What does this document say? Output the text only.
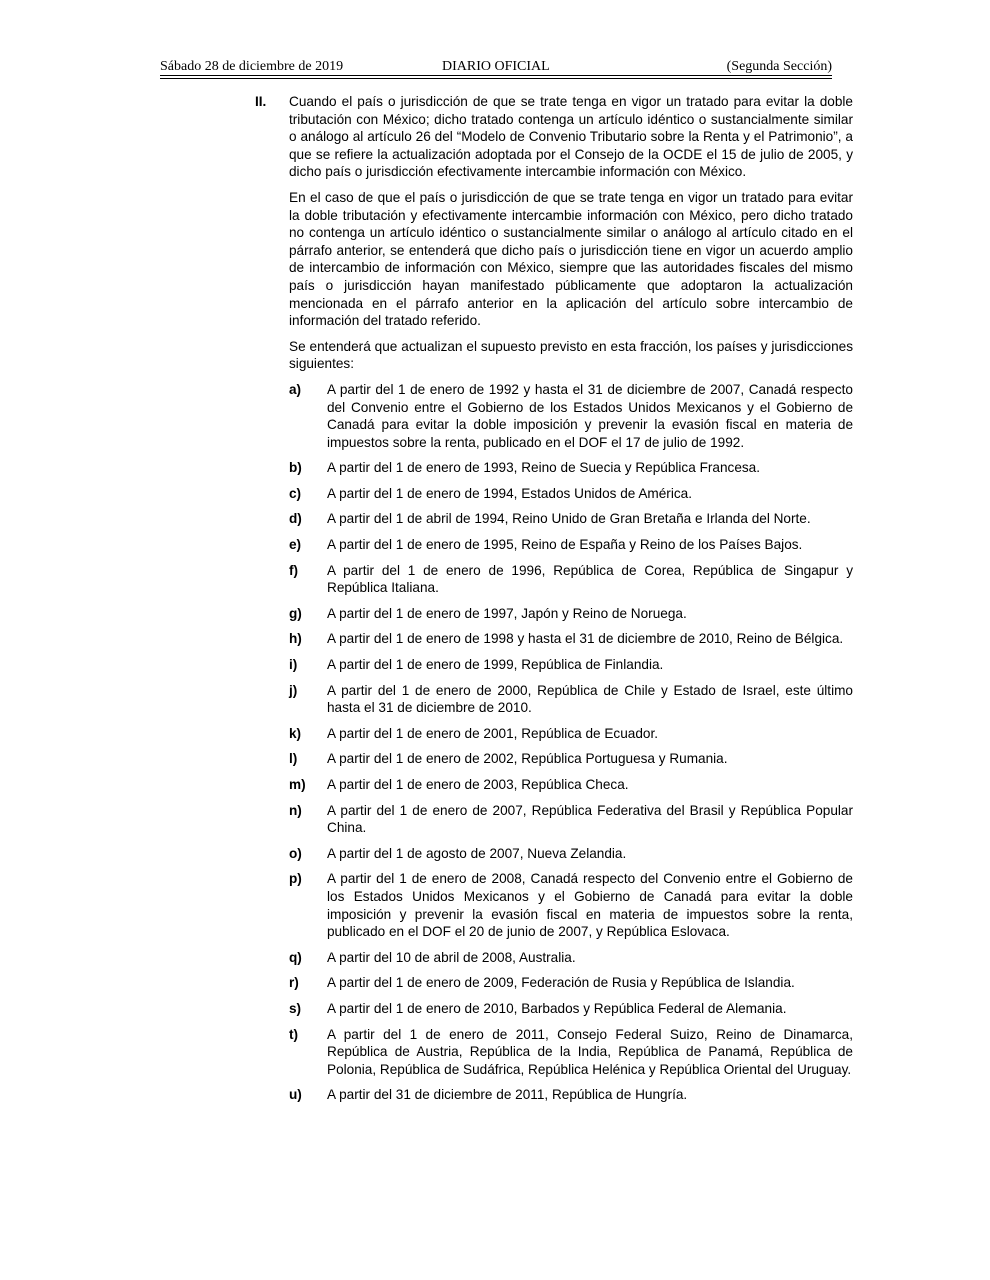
Sábado 28 de diciembre de 2019	DIARIO OFICIAL	(Segunda Sección)
II. Cuando el país o jurisdicción de que se trate tenga en vigor un tratado para evitar la doble tributación con México; dicho tratado contenga un artículo idéntico o sustancialmente similar o análogo al artículo 26 del “Modelo de Convenio Tributario sobre la Renta y el Patrimonio”, a que se refiere la actualización adoptada por el Consejo de la OCDE el 15 de julio de 2005, y dicho país o jurisdicción efectivamente intercambie información con México.

En el caso de que el país o jurisdicción de que se trate tenga en vigor un tratado para evitar la doble tributación y efectivamente intercambie información con México, pero dicho tratado no contenga un artículo idéntico o sustancialmente similar o análogo al artículo citado en el párrafo anterior, se entenderá que dicho país o jurisdicción tiene en vigor un acuerdo amplio de intercambio de información con México, siempre que las autoridades fiscales del mismo país o jurisdicción hayan manifestado públicamente que adoptaron la actualización mencionada en el párrafo anterior en la aplicación del artículo sobre intercambio de información del tratado referido.

Se entenderá que actualizan el supuesto previsto en esta fracción, los países y jurisdicciones siguientes:

a) A partir del 1 de enero de 1992 y hasta el 31 de diciembre de 2007, Canadá respecto del Convenio entre el Gobierno de los Estados Unidos Mexicanos y el Gobierno de Canadá para evitar la doble imposición y prevenir la evasión fiscal en materia de impuestos sobre la renta, publicado en el DOF el 17 de julio de 1992.
b) A partir del 1 de enero de 1993, Reino de Suecia y República Francesa.
c) A partir del 1 de enero de 1994, Estados Unidos de América.
d) A partir del 1 de abril de 1994, Reino Unido de Gran Bretaña e Irlanda del Norte.
e) A partir del 1 de enero de 1995, Reino de España y Reino de los Países Bajos.
f) A partir del 1 de enero de 1996, República de Corea, República de Singapur y República Italiana.
g) A partir del 1 de enero de 1997, Japón y Reino de Noruega.
h) A partir del 1 de enero de 1998 y hasta el 31 de diciembre de 2010, Reino de Bélgica.
i) A partir del 1 de enero de 1999, República de Finlandia.
j) A partir del 1 de enero de 2000, República de Chile y Estado de Israel, este último hasta el 31 de diciembre de 2010.
k) A partir del 1 de enero de 2001, República de Ecuador.
l) A partir del 1 de enero de 2002, República Portuguesa y Rumania.
m) A partir del 1 de enero de 2003, República Checa.
n) A partir del 1 de enero de 2007, República Federativa del Brasil y República Popular China.
o) A partir del 1 de agosto de 2007, Nueva Zelandia.
p) A partir del 1 de enero de 2008, Canadá respecto del Convenio entre el Gobierno de los Estados Unidos Mexicanos y el Gobierno de Canadá para evitar la doble imposición y prevenir la evasión fiscal en materia de impuestos sobre la renta, publicado en el DOF el 20 de junio de 2007, y República Eslovaca.
q) A partir del 10 de abril de 2008, Australia.
r) A partir del 1 de enero de 2009, Federación de Rusia y República de Islandia.
s) A partir del 1 de enero de 2010, Barbados y República Federal de Alemania.
t) A partir del 1 de enero de 2011, Consejo Federal Suizo, Reino de Dinamarca, República de Austria, República de la India, República de Panamá, República de Polonia, República de Sudáfrica, República Helénica y República Oriental del Uruguay.
u) A partir del 31 de diciembre de 2011, República de Hungría.
